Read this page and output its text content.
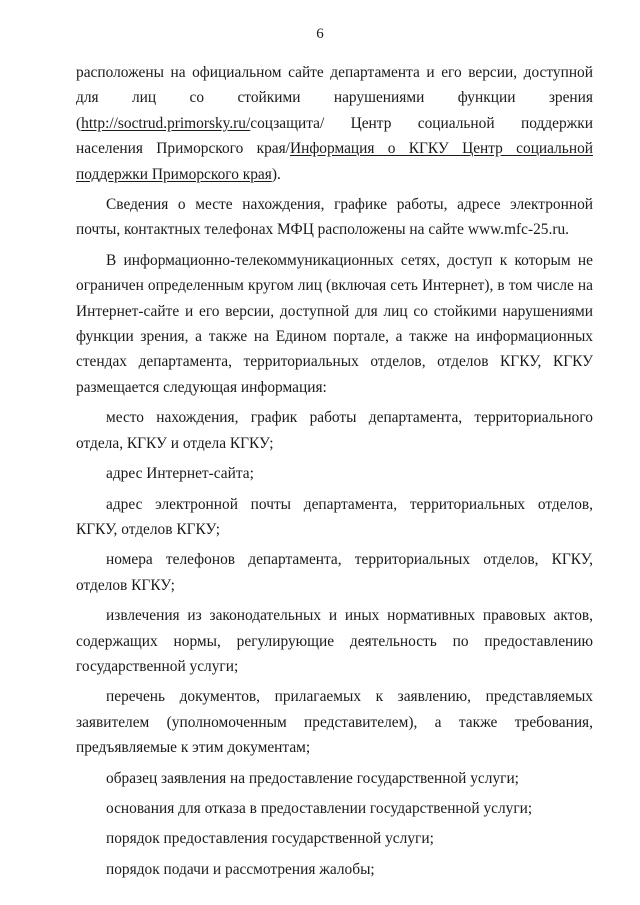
6

расположены на официальном сайте департамента и его версии, доступной для лиц со стойкими нарушениями функции зрения (http://soctrud.primorsky.ru/соцзащита/ Центр социальной поддержки населения Приморского края/Информация о КГКУ Центр социальной поддержки Приморского края).

Сведения о месте нахождения, графике работы, адресе электронной почты, контактных телефонах МФЦ расположены на сайте www.mfc-25.ru.

В информационно-телекоммуникационных сетях, доступ к которым не ограничен определенным кругом лиц (включая сеть Интернет), в том числе на Интернет-сайте и его версии, доступной для лиц со стойкими нарушениями функции зрения, а также на Едином портале, а также на информационных стендах департамента, территориальных отделов, отделов КГКУ, КГКУ размещается следующая информация:

место нахождения, график работы департамента, территориального отдела, КГКУ и отдела КГКУ;

адрес Интернет-сайта;

адрес электронной почты департамента, территориальных отделов, КГКУ, отделов КГКУ;

номера телефонов департамента, территориальных отделов, КГКУ, отделов КГКУ;

извлечения из законодательных и иных нормативных правовых актов, содержащих нормы, регулирующие деятельность по предоставлению государственной услуги;

перечень документов, прилагаемых к заявлению, представляемых заявителем (уполномоченным представителем), а также требования, предъявляемые к этим документам;

образец заявления на предоставление государственной услуги;

основания для отказа в предоставлении государственной услуги;

порядок предоставления государственной услуги;

порядок подачи и рассмотрения жалобы;
